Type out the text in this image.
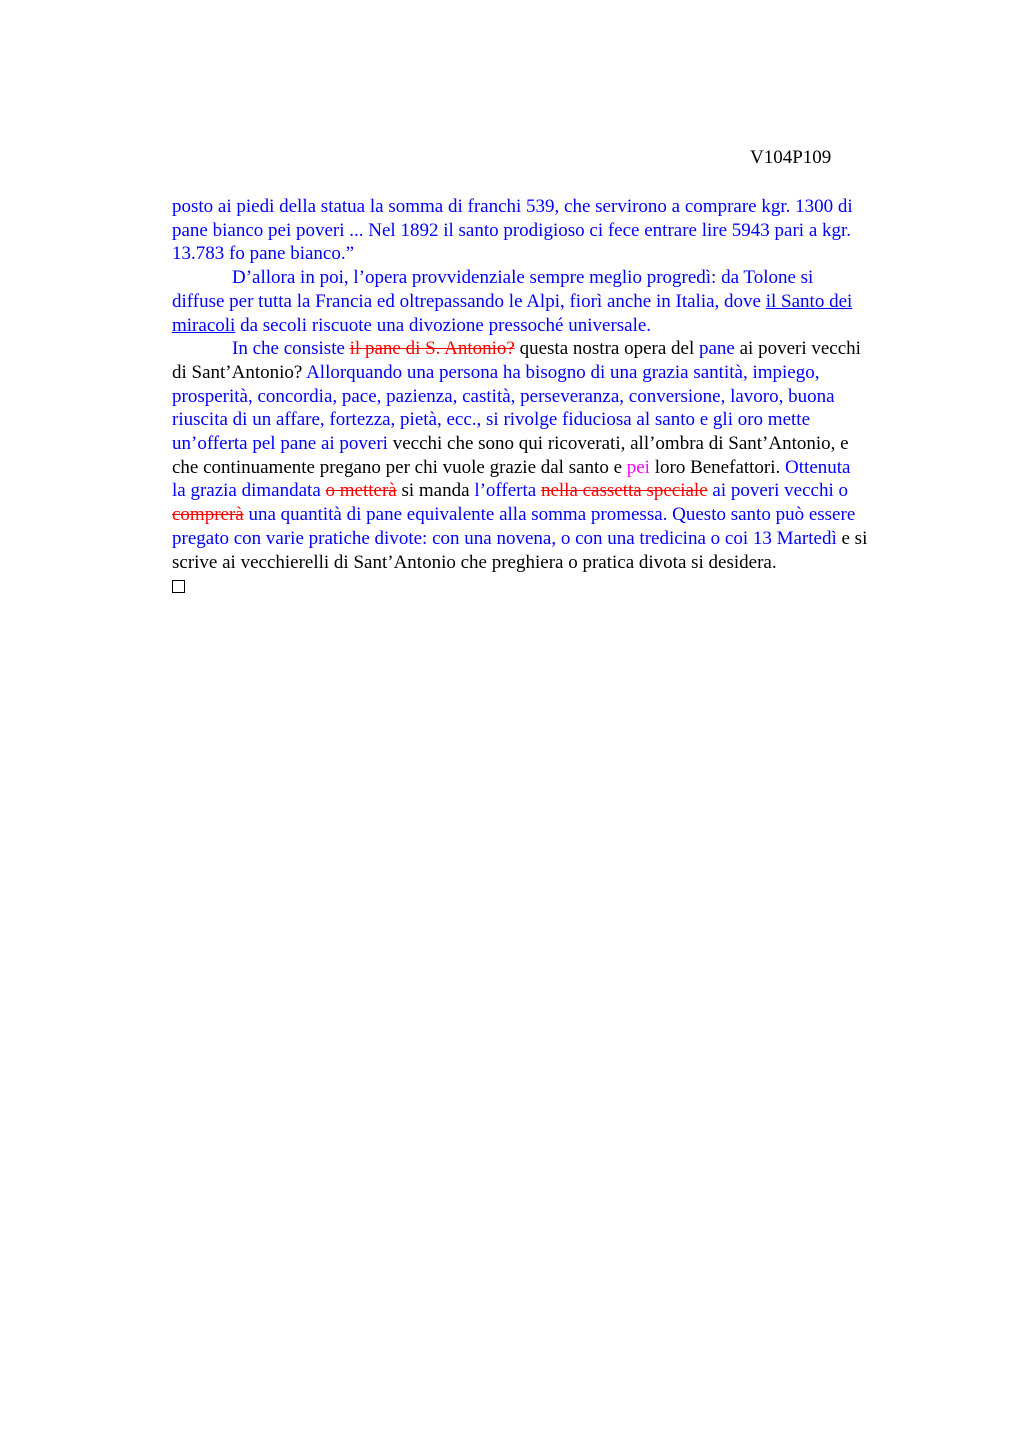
V104P109

posto ai piedi della statua la somma di franchi 539, che servirono a comprare kgr. 1300 di
pane bianco pei poveri ... Nel 1892 il santo prodigioso ci fece entrare lire 5943 pari a kgr.
13.783 fo pane bianco.”

D’allora in poi, l’opera provvidenziale sempre meglio progredì: da Tolone si
diffuse per tutta la Francia ed oltrepassando le Alpi, fiorì anche in Italia, dove il Santo dei
miracoli da secoli riscuote una divozione pressoché universale.

In che consiste il pane di S. Antonio? questa nostra opera del pane ai poveri vecchi
di Sant’Antonio? Allorquando una persona ha bisogno di una grazia santità, impiego,
prosperità, concordia, pace, pazienza, castità, perseveranza, conversione, lavoro, buona
riuscita di un affare, fortezza, pietà, ecc., si rivolge fiduciosa al santo e gli oro mette
un’offerta pel pane ai poveri vecchi che sono qui ricoverati, all’ombra di Sant’Antonio, e
che continuamente pregano per chi vuole grazie dal santo e pei loro Benefattori. Ottenuta
la grazia dimandata o metterà si manda l’offerta nella cassetta speciale ai poveri vecchi o
comprerà una quantità di pane equivalente alla somma promessa. Questo santo può essere
pregato con varie pratiche divote: con una novena, o con una tredicina o coi 13 Martedì e si
scrive ai vecchierelli di Sant’Antonio che preghiera o pratica divota si desidera.
